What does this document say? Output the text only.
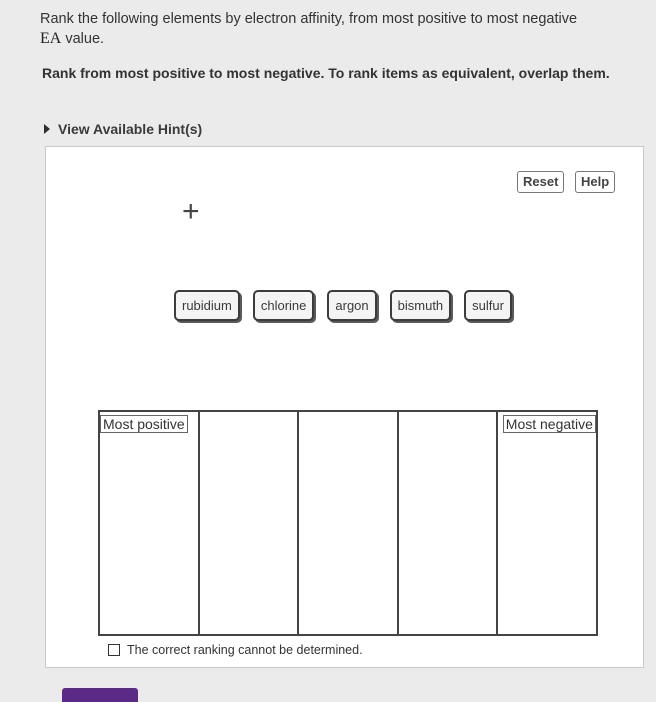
Rank the following elements by electron affinity, from most positive to most negative
EA value.
Rank from most positive to most negative. To rank items as equivalent, overlap them.
View Available Hint(s)
Reset	Help
+
rubidium	chlorine	argon	bismuth	sulfur
Most positive	Most negative
The correct ranking cannot be determined.
